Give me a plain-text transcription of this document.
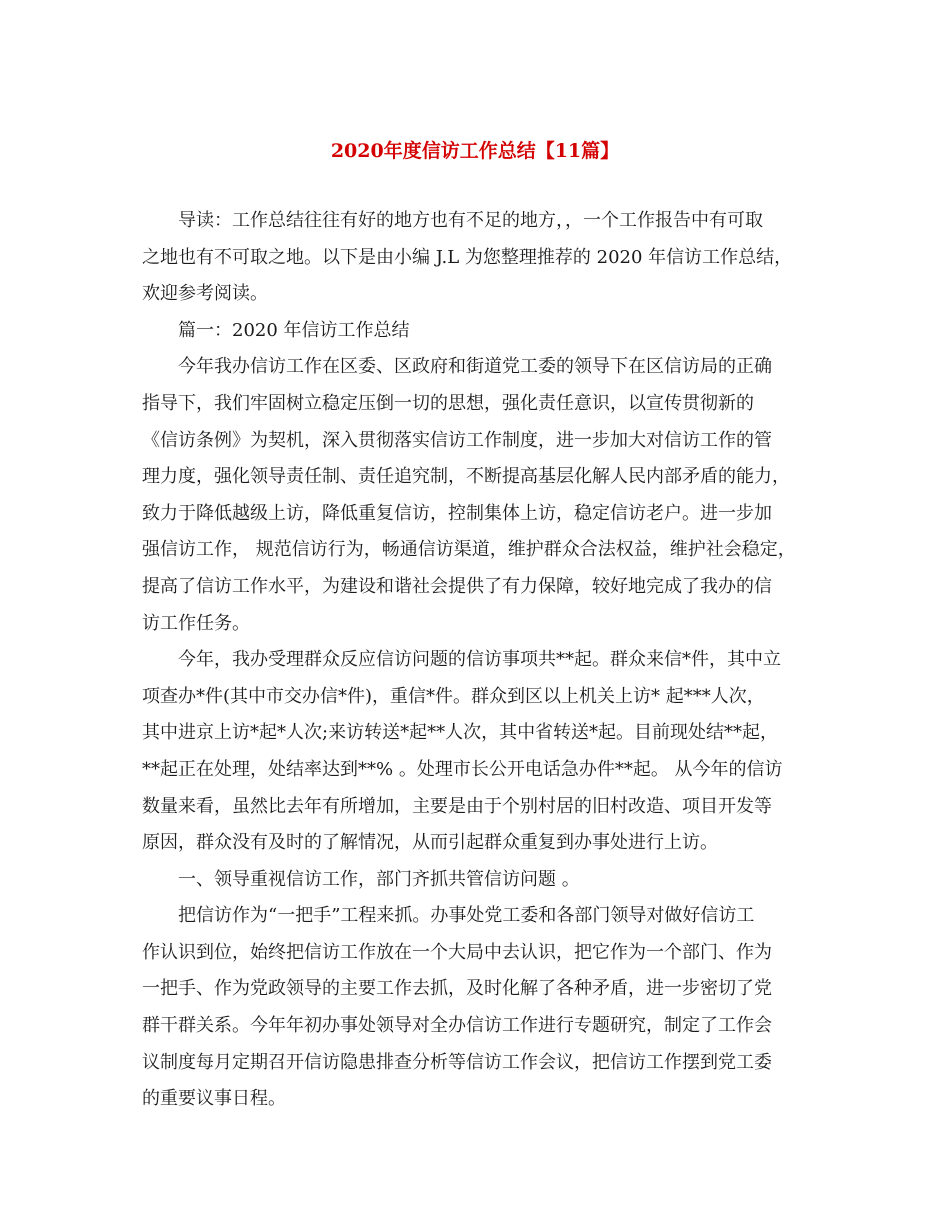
2020年度信访工作总结【11篇】

导读：工作总结往往有好的地方也有不足的地方，，一个工作报告中有可取
之地也有不可取之地。以下是由小编 J.L 为您整理推荐的 2020 年信访工作总结，
欢迎参考阅读。

篇一：2020 年信访工作总结

今年我办信访工作在区委、区政府和街道党工委的领导下在区信访局的正确
指导下，我们牢固树立稳定压倒一切的思想，强化责任意识，以宣传贯彻新的
《信访条例》为契机，深入贯彻落实信访工作制度，进一步加大对信访工作的管
理力度，强化领导责任制、责任追究制，不断提高基层化解人民内部矛盾的能力，
致力于降低越级上访，降低重复信访，控制集体上访，稳定信访老户。进一步加
强信访工作， 规范信访行为，畅通信访渠道，维护群众合法权益，维护社会稳定，
提高了信访工作水平，为建设和谐社会提供了有力保障，较好地完成了我办的信
访工作任务。

今年，我办受理群众反应信访问题的信访事项共**起。群众来信*件，其中立
项查办*件(其中市交办信*件)，重信*件。群众到区以上机关上访* 起***人次，
其中进京上访*起*人次;来访转送*起**人次，其中省转送*起。目前现处结**起，
**起正在处理，处结率达到**% 。处理市长公开电话急办件**起。 从今年的信访
数量来看，虽然比去年有所增加，主要是由于个别村居的旧村改造、项目开发等
原因，群众没有及时的了解情况，从而引起群众重复到办事处进行上访。

一、领导重视信访工作，部门齐抓共管信访问题 。

把信访作为“一把手”工程来抓。办事处党工委和各部门领导对做好信访工
作认识到位，始终把信访工作放在一个大局中去认识，把它作为一个部门、作为
一把手、作为党政领导的主要工作去抓，及时化解了各种矛盾，进一步密切了党
群干群关系。今年年初办事处领导对全办信访工作进行专题研究，制定了工作会
议制度每月定期召开信访隐患排查分析等信访工作会议，把信访工作摆到党工委
的重要议事日程。
